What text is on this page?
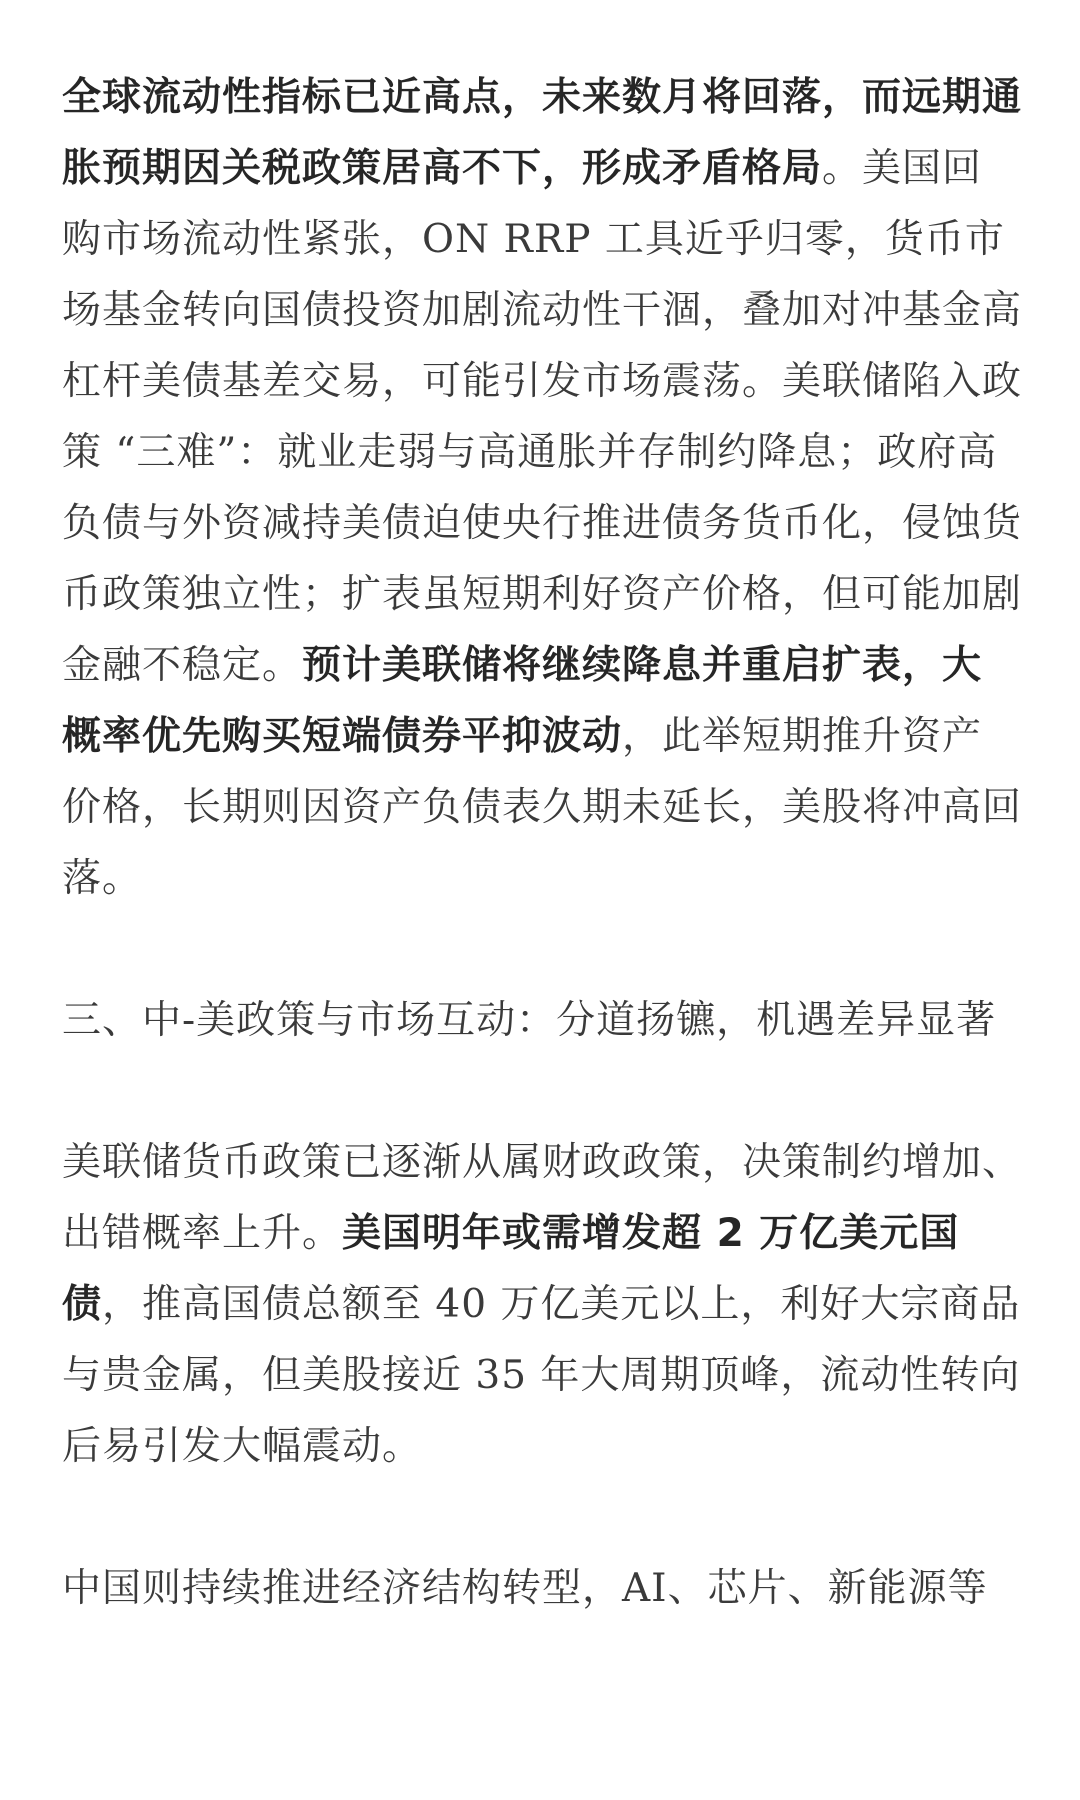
全球流动性指标已近高点，未来数月将回落，而远期通胀预期因关税政策居高不下，形成矛盾格局。美国回购市场流动性紧张，ON RRP 工具近乎归零，货币市场基金转向国债投资加剧流动性干涸，叠加对冲基金高杠杆美债基差交易，可能引发市场震荡。美联储陷入政策 “三难”：就业走弱与高通胀并存制约降息；政府高负债与外资减持美债迫使央行推进债务货币化，侵蚀货币政策独立性；扩表虽短期利好资产价格，但可能加剧金融不稳定。预计美联储将继续降息并重启扩表，大概率优先购买短端债券平抑波动，此举短期推升资产价格，长期则因资产负债表久期未延长，美股将冲高回落。

三、中-美政策与市场互动：分道扬镳，机遇差异显著

美联储货币政策已逐渐从属财政政策，决策制约增加、出错概率上升。美国明年或需增发超 2 万亿美元国债，推高国债总额至 40 万亿美元以上，利好大宗商品与贵金属，但美股接近 35 年大周期顶峰，流动性转向后易引发大幅震动。

中国则持续推进经济结构转型，AI、芯片、新能源等
